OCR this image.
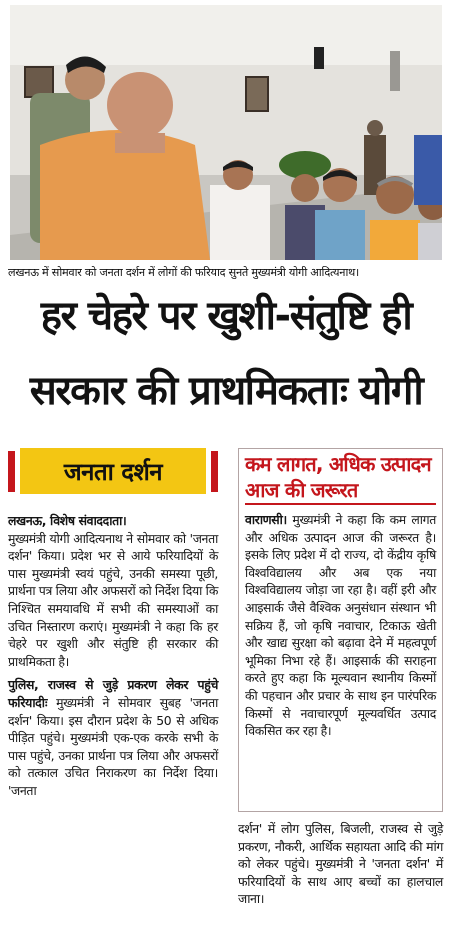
लखनऊ में सोमवार को जनता दर्शन में लोगों की फरियाद सुनते मुख्यमंत्री योगी आदित्यनाथ।
हर चेहरे पर खुशी-संतुष्टि ही
सरकार की प्राथमिकताः योगी
जनता दर्शन
लखनऊ, विशेष संवाददाता।
मुख्यमंत्री योगी आदित्यनाथ ने सोमवार को 'जनता दर्शन' किया। प्रदेश भर से आये फरियादियों के पास मुख्यमंत्री स्वयं पहुंचे, उनकी समस्या पूछी, प्रार्थना पत्र लिया और अफसरों को निर्देश दिया कि निश्चित समयावधि में सभी की समस्याओं का उचित निस्तारण कराएं। मुख्यमंत्री ने कहा कि हर चेहरे पर खुशी और संतुष्टि ही सरकार की प्राथमिकता है।
पुलिस, राजस्व से जुड़े प्रकरण लेकर पहुंचे फरियादीः मुख्यमंत्री ने सोमवार सुबह 'जनता दर्शन' किया। इस दौरान प्रदेश के 50 से अधिक पीड़ित पहुंचे। मुख्यमंत्री एक-एक करके सभी के पास पहुंचे, उनका प्रार्थना पत्र लिया और अफसरों को तत्काल उचित निराकरण का निर्देश दिया। 'जनता
कम लागत, अधिक उत्पादन आज की जरूरत
वाराणसी। मुख्यमंत्री ने कहा कि कम लागत और अधिक उत्पादन आज की जरूरत है। इसके लिए प्रदेश में दो राज्य, दो केंद्रीय कृषि विश्वविद्यालय और अब एक नया विश्वविद्यालय जोड़ा जा रहा है। वहीं इरी और आइसार्क जैसे वैश्विक अनुसंधान संस्थान भी सक्रिय हैं, जो कृषि नवाचार, टिकाऊ खेती और खाद्य सुरक्षा को बढ़ावा देने में महत्वपूर्ण भूमिका निभा रहे हैं। आइसार्क की सराहना करते हुए कहा कि मूल्यवान स्थानीय किस्मों की पहचान और प्रचार के साथ इन पारंपरिक किस्मों से नवाचारपूर्ण मूल्यवर्धित उत्पाद विकसित कर रहा है।
दर्शन' में लोग पुलिस, बिजली, राजस्व से जुड़े प्रकरण, नौकरी, आर्थिक सहायता आदि की मांग को लेकर पहुंचे। मुख्यमंत्री ने 'जनता दर्शन' में फरियादियों के साथ आए बच्चों का हालचाल जाना।
